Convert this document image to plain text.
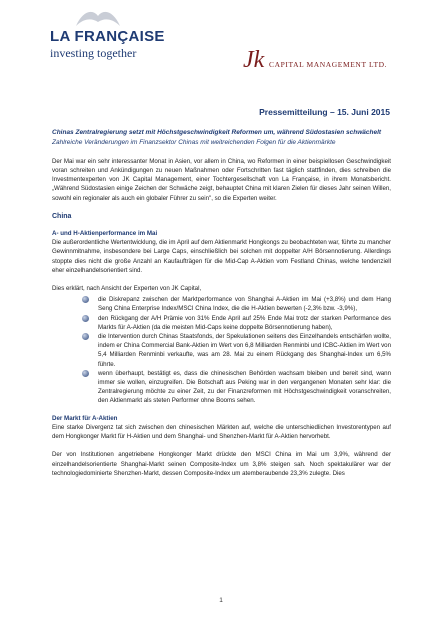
LA FRANÇAISE
investing together	Jk CAPITAL MANAGEMENT LTD.
Pressemitteilung – 15. Juni 2015

Chinas Zentralregierung setzt mit Höchstgeschwindigkeit Reformen um, während Südostasien schwächelt

Zahlreiche Veränderungen im Finanzsektor Chinas mit weitreichenden Folgen für die Aktienmärkte

Der Mai war ein sehr interessanter Monat in Asien, vor allem in China, wo Reformen in einer beispiellosen Geschwindigkeit voran schreiten und Ankündigungen zu neuen Maßnahmen oder Fortschritten fast täglich stattfinden, dies schreiben die Investmentexperten von JK Capital Management, einer Tochtergesellschaft von La Française, in ihrem Monatsbericht. „Während Südostasien einige Zeichen der Schwäche zeigt, behauptet China mit klaren Zielen für dieses Jahr seinen Willen, sowohl ein regionaler als auch ein globaler Führer zu sein", so die Experten weiter.

China
A- und H-Aktienperformance im Mai

Die außerordentliche Wertentwicklung, die im April auf dem Aktienmarkt Hongkongs zu beobachteten war, führte zu mancher Gewinnmitnahme, insbesondere bei Large Caps, einschließlich bei solchen mit doppelter A/H Börsennotierung. Allerdings stoppte dies nicht die große Anzahl an Kaufaufträgen für die Mid-Cap A-Aktien vom Festland Chinas, welche tendenziell eher einzelhandelsorientiert sind.

Dies erklärt, nach Ansicht der Experten von JK Capital,

die Diskrepanz zwischen der Marktperformance von Shanghai A-Aktien im Mai (+3,8%) und dem Hang Seng China Enterprise Index/MSCI China Index, die die H-Aktien bewerten (-2,3% bzw. -3,9%),
den Rückgang der A/H Prämie von 31% Ende April auf 25% Ende Mai trotz der starken Performance des Markts für A-Aktien (da die meisten Mid-Caps keine doppelte Börsennotierung haben),
die Intervention durch Chinas Staatsfonds, der Spekulationen seitens des Einzelhandels entschärfen wollte, indem er China Commercial Bank-Aktien im Wert von 6,8 Milliarden Renminbi und ICBC-Aktien im Wert von 5,4 Milliarden Renminbi verkaufte, was am 28. Mai zu einem Rückgang des Shanghai-Index um 6,5% führte.
wenn überhaupt, bestätigt es, dass die chinesischen Behörden wachsam bleiben und bereit sind, wann immer sie wollen, einzugreifen. Die Botschaft aus Peking war in den vergangenen Monaten sehr klar: die Zentralregierung möchte zu einer Zeit, zu der Finanzreformen mit Höchstgeschwindigkeit voranschreiten, den Aktienmarkt als steten Performer ohne Booms sehen.
Der Markt für A-Aktien

Eine starke Divergenz tat sich zwischen den chinesischen Märkten auf, welche die unterschiedlichen Investorentypen auf dem Hongkonger Markt für H-Aktien und dem Shanghai- und Shenzhen-Markt für A-Aktien hervorhebt.

Der von Institutionen angetriebene Hongkonger Markt drückte den MSCI China im Mai um 3,9%, während der einzelhandelsorientierte Shanghai-Markt seinen Composite-Index um 3,8% steigen sah. Noch spektakulärer war der technologiedominierte Shenzhen-Markt, dessen Composite-Index um atemberaubende 23,3% zulegte. Dies

1
